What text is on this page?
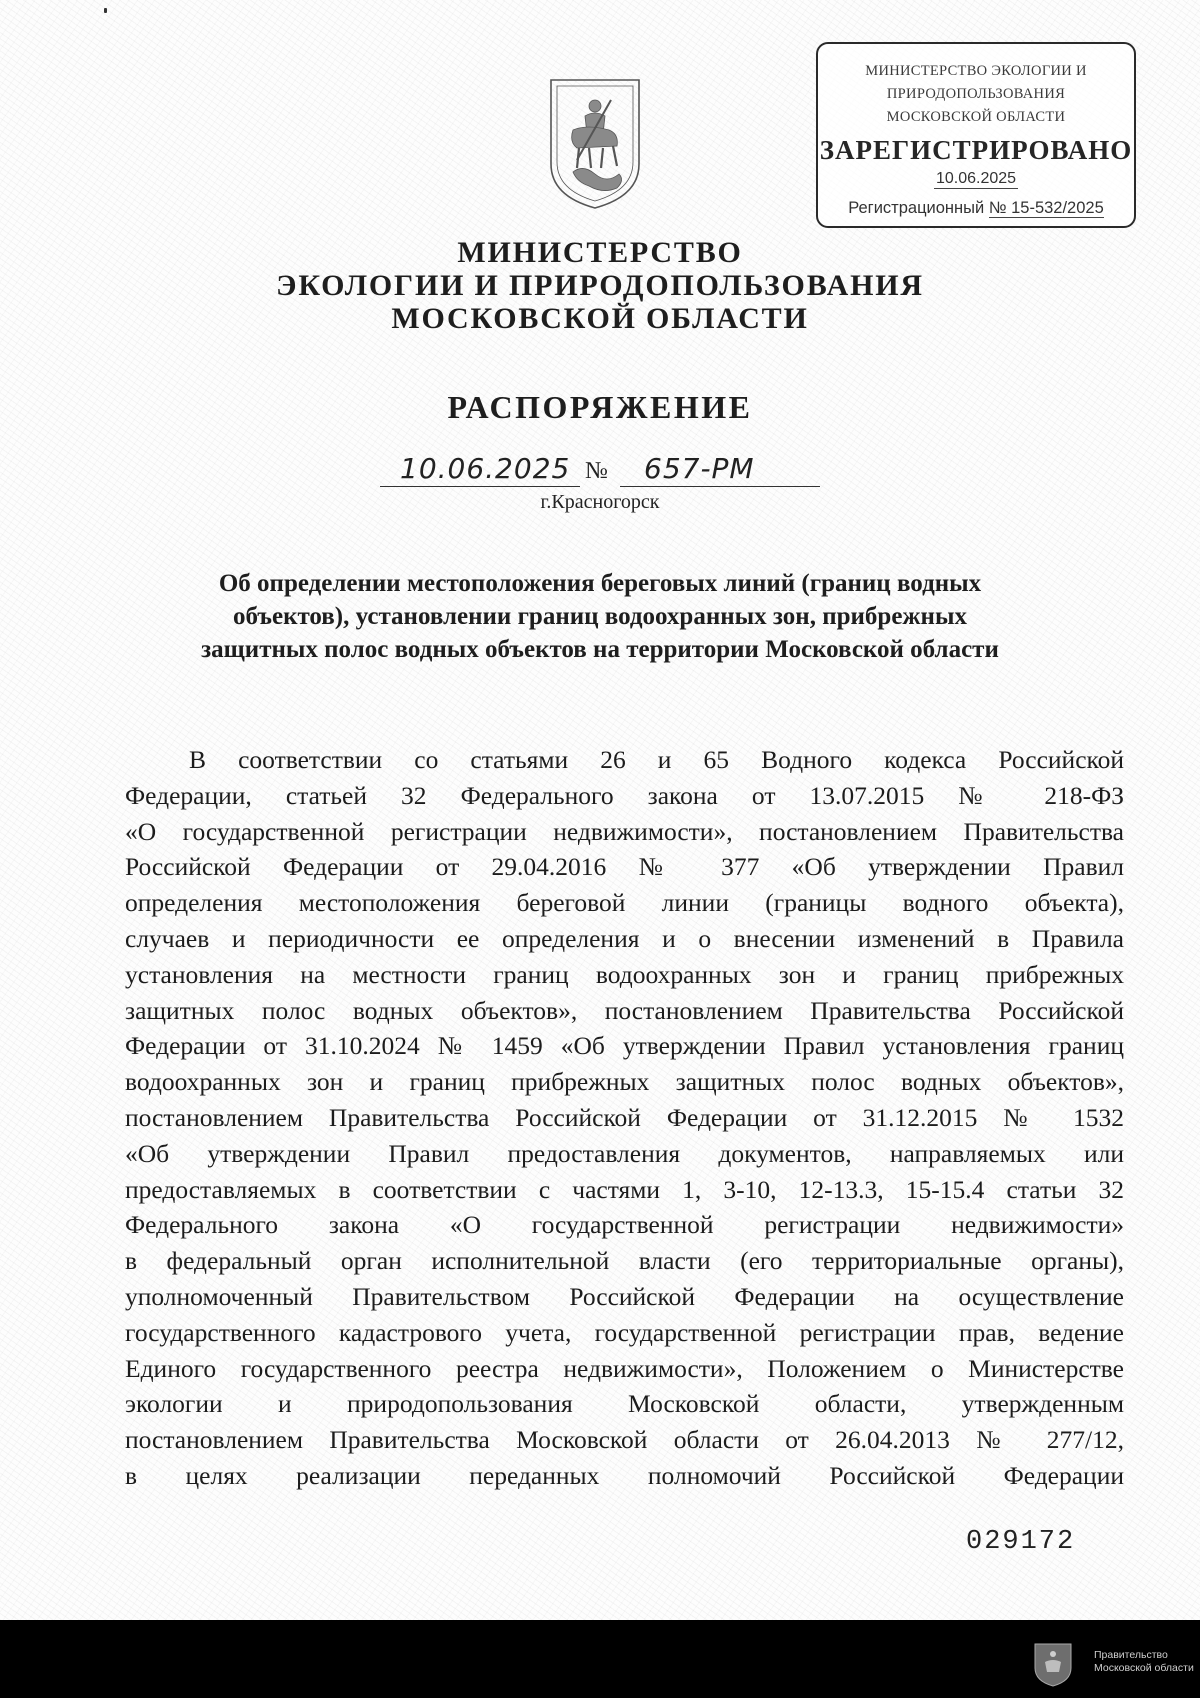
МИНИСТЕРСТВО ЭКОЛОГИИ И
ПРИРОДОПОЛЬЗОВАНИЯ
МОСКОВСКОЙ ОБЛАСТИ
ЗАРЕГИСТРИРОВАНО
10.06.2025
Регистрационный № 15-532/2025
МИНИСТЕРСТВО
ЭКОЛОГИИ И ПРИРОДОПОЛЬЗОВАНИЯ
МОСКОВСКОЙ ОБЛАСТИ
РАСПОРЯЖЕНИЕ
10.06.2025 № 657-РМ
г.Красногорск
Об определении местоположения береговых линий (границ водных
объектов), установлении границ водоохранных зон, прибрежных
защитных полос водных объектов на территории Московской области
В соответствии со статьями 26 и 65 Водного кодекса Российской
Федерации, статьей 32 Федерального закона от 13.07.2015 № 218-ФЗ
«О государственной регистрации недвижимости», постановлением Правительства
Российской Федерации от 29.04.2016 № 377 «Об утверждении Правил
определения местоположения береговой линии (границы водного объекта),
случаев и периодичности ее определения и о внесении изменений в Правила
установления на местности границ водоохранных зон и границ прибрежных
защитных полос водных объектов», постановлением Правительства Российской
Федерации от 31.10.2024 № 1459 «Об утверждении Правил установления границ
водоохранных зон и границ прибрежных защитных полос водных объектов»,
постановлением Правительства Российской Федерации от 31.12.2015 № 1532
«Об утверждении Правил предоставления документов, направляемых или
предоставляемых в соответствии с частями 1, 3-10, 12-13.3, 15-15.4 статьи 32
Федерального закона «О государственной регистрации недвижимости»
в федеральный орган исполнительной власти (его территориальные органы),
уполномоченный Правительством Российской Федерации на осуществление
государственного кадастрового учета, государственной регистрации прав, ведение
Единого государственного реестра недвижимости», Положением о Министерстве
экологии и природопользования Московской области, утвержденным
постановлением Правительства Московской области от 26.04.2013 № 277/12,
в целях реализации переданных полномочий Российской Федерации
029172
Правительство
Московской области
